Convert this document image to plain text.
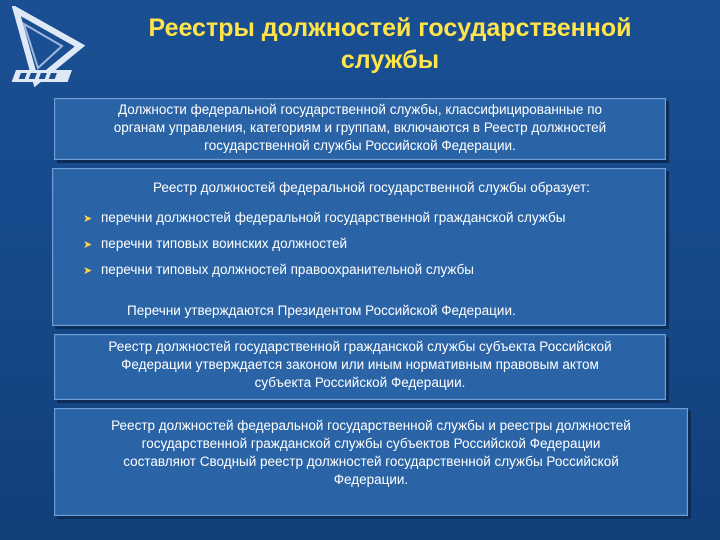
Реестры должностей государственной
службы
Должности федеральной государственной службы, классифицированные по
органам управления, категориям и группам, включаются в Реестр должностей
государственной службы Российской Федерации.
Реестр должностей федеральной государственной службы образует:
➤ перечни должностей федеральной государственной гражданской службы
➤ перечни типовых воинских должностей
➤ перечни типовых должностей правоохранительной службы
Перечни утверждаются Президентом Российской Федерации.
Реестр должностей государственной гражданской службы субъекта Российской
Федерации утверждается законом или иным нормативным правовым актом
субъекта Российской Федерации.
Реестр должностей федеральной государственной службы и реестры должностей
государственной гражданской службы субъектов Российской Федерации
составляют Сводный реестр должностей государственной службы Российской
Федерации.
